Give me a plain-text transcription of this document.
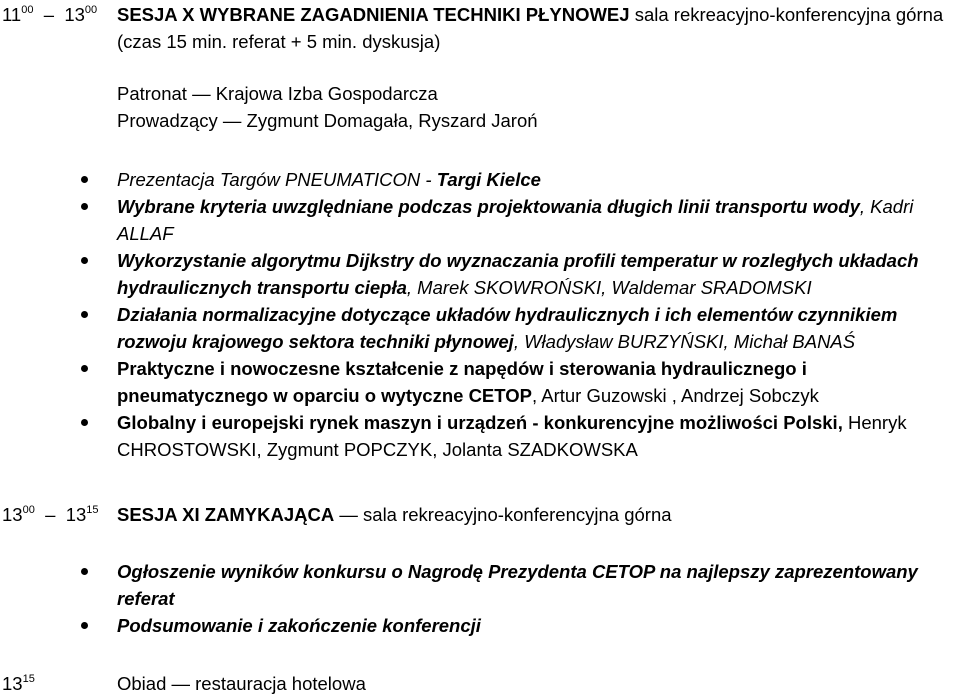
$11^{00} - 13^{00}$ SESJA X WYBRANE ZAGADNIENIA TECHNIKI PŁYNOWEJ sala rekreacyjno-konferencyjna górna (czas 15 min. referat + 5 min. dyskusja)
Patronat — Krajowa Izba Gospodarcza
Prowadzący — Zygmunt Domagała, Ryszard Jaroń
Prezentacja Targów PNEUMATICON - Targi Kielce
Wybrane kryteria uwzględniane podczas projektowania długich linii transportu wody, Kadri ALLAF
Wykorzystanie algorytmu Dijkstry do wyznaczania profili temperatur w rozległych układach hydraulicznych transportu ciepła, Marek SKOWROŃSKI, Waldemar SRADOMSKI
Działania normalizacyjne dotyczące układów hydraulicznych i ich elementów czynnikiem rozwoju krajowego sektora techniki płynowej, Władysław BURZYŃSKI, Michał BANAŚ
Praktyczne i nowoczesne kształcenie z napędów i sterowania hydraulicznego i pneumatycznego w oparciu o wytyczne CETOP, Artur Guzowski , Andrzej Sobczyk
Globalny i europejski rynek maszyn i urządzeń - konkurencyjne możliwości Polski, Henryk CHROSTOWSKI, Zygmunt POPCZYK, Jolanta SZADKOWSKA
$13^{00} - 13^{15}$ SESJA XI ZAMYKAJĄCA — sala rekreacyjno-konferencyjna górna
Ogłoszenie wyników konkursu o Nagrodę Prezydenta CETOP na najlepszy zaprezentowany referat
Podsumowanie i zakończenie konferencji
$13^{15}$	Obiad — restauracja hotelowa
